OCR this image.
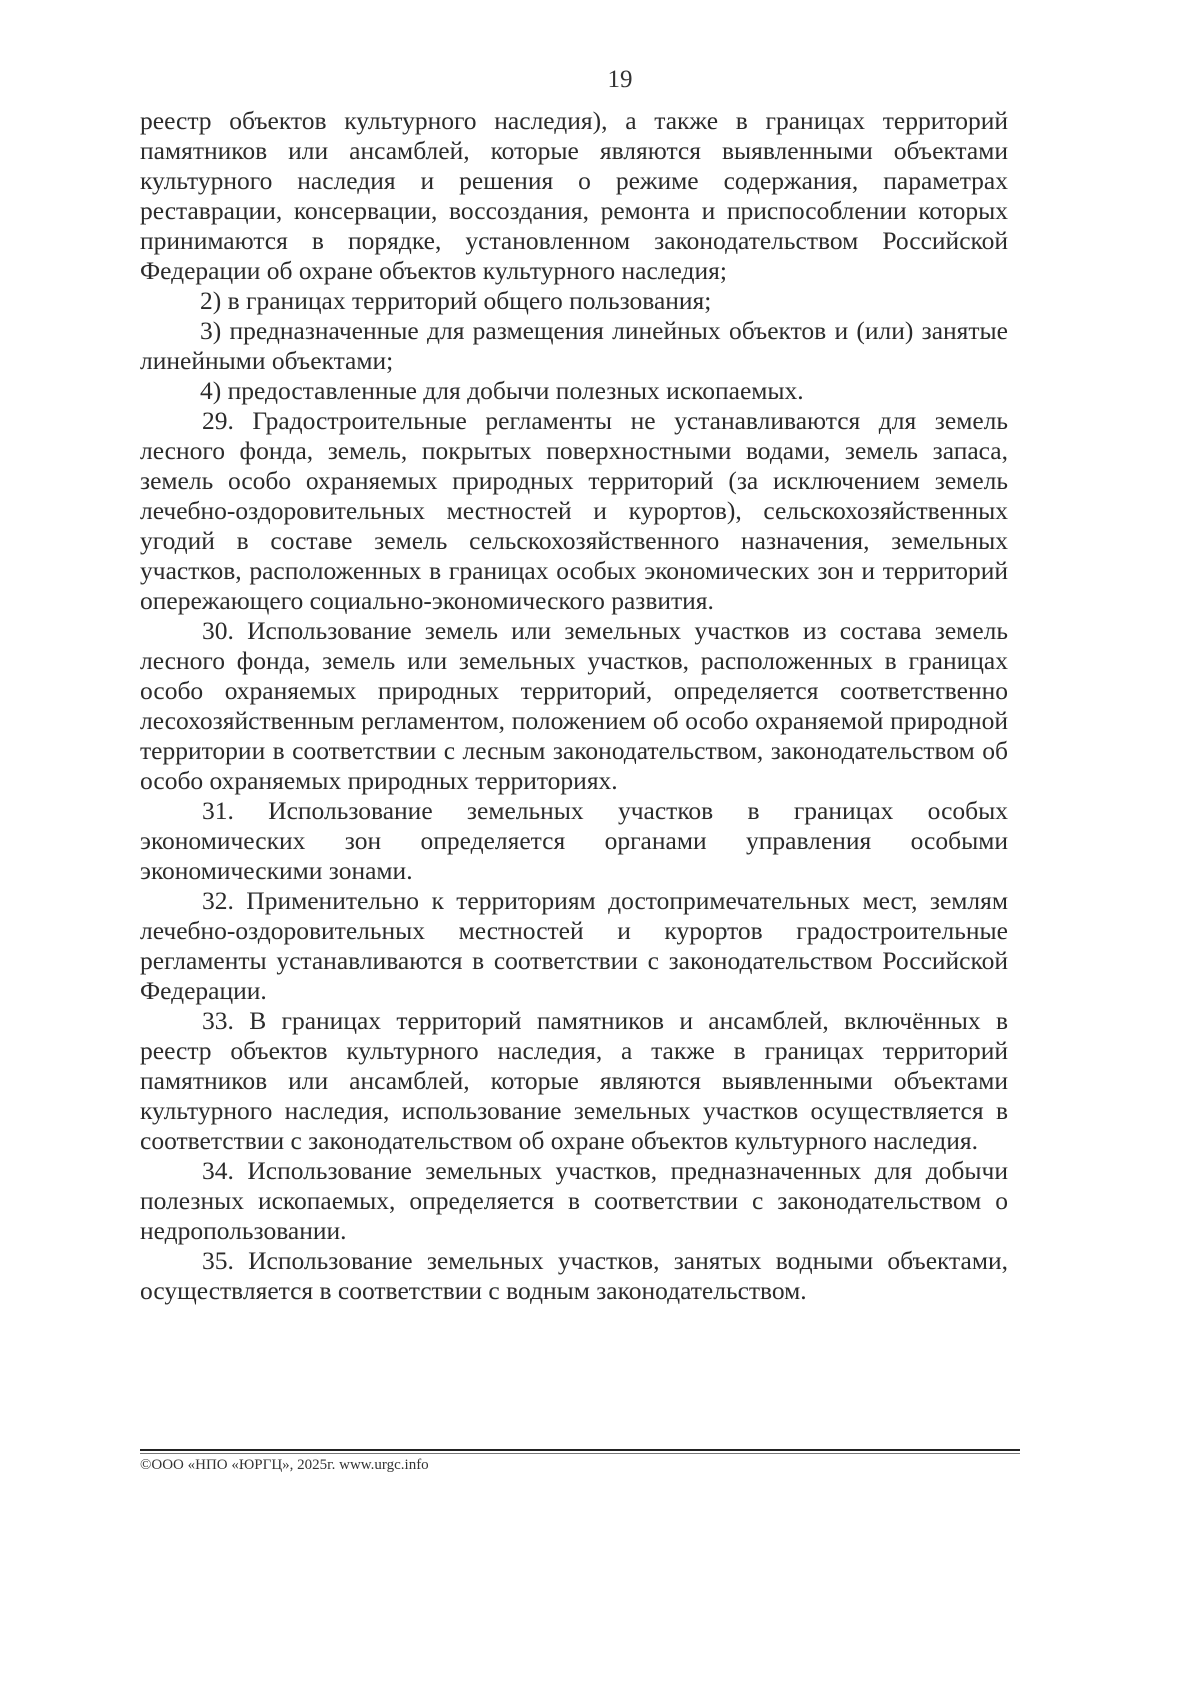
19

реестр объектов культурного наследия), а также в границах территорий памятников или ансамблей, которые являются выявленными объектами культурного наследия и решения о режиме содержания, параметрах реставрации, консервации, воссоздания, ремонта и приспособлении которых принимаются в порядке, установленном законодательством Российской Федерации об охране объектов культурного наследия;

2) в границах территорий общего пользования;

3) предназначенные для размещения линейных объектов и (или) занятые линейными объектами;

4) предоставленные для добычи полезных ископаемых.

29. Градостроительные регламенты не устанавливаются для земель лесного фонда, земель, покрытых поверхностными водами, земель запаса, земель особо охраняемых природных территорий (за исключением земель лечебно-оздоровительных местностей и курортов), сельскохозяйственных угодий в составе земель сельскохозяйственного назначения, земельных участков, расположенных в границах особых экономических зон и территорий опережающего социально-экономического развития.

30. Использование земель или земельных участков из состава земель лесного фонда, земель или земельных участков, расположенных в границах особо охраняемых природных территорий, определяется соответственно лесохозяйственным регламентом, положением об особо охраняемой природной территории в соответствии с лесным законодательством, законодательством об особо охраняемых природных территориях.

31. Использование земельных участков в границах особых экономических зон определяется органами управления особыми экономическими зонами.

32. Применительно к территориям достопримечательных мест, землям лечебно-оздоровительных местностей и курортов градостроительные регламенты устанавливаются в соответствии с законодательством Российской Федерации.

33. В границах территорий памятников и ансамблей, включённых в реестр объектов культурного наследия, а также в границах территорий памятников или ансамблей, которые являются выявленными объектами культурного наследия, использование земельных участков осуществляется в соответствии с законодательством об охране объектов культурного наследия.

34. Использование земельных участков, предназначенных для добычи полезных ископаемых, определяется в соответствии с законодательством о недропользовании.

35. Использование земельных участков, занятых водными объектами, осуществляется в соответствии с водным законодательством.

©ООО «НПО «ЮРГЦ», 2025г. www.urgc.info
